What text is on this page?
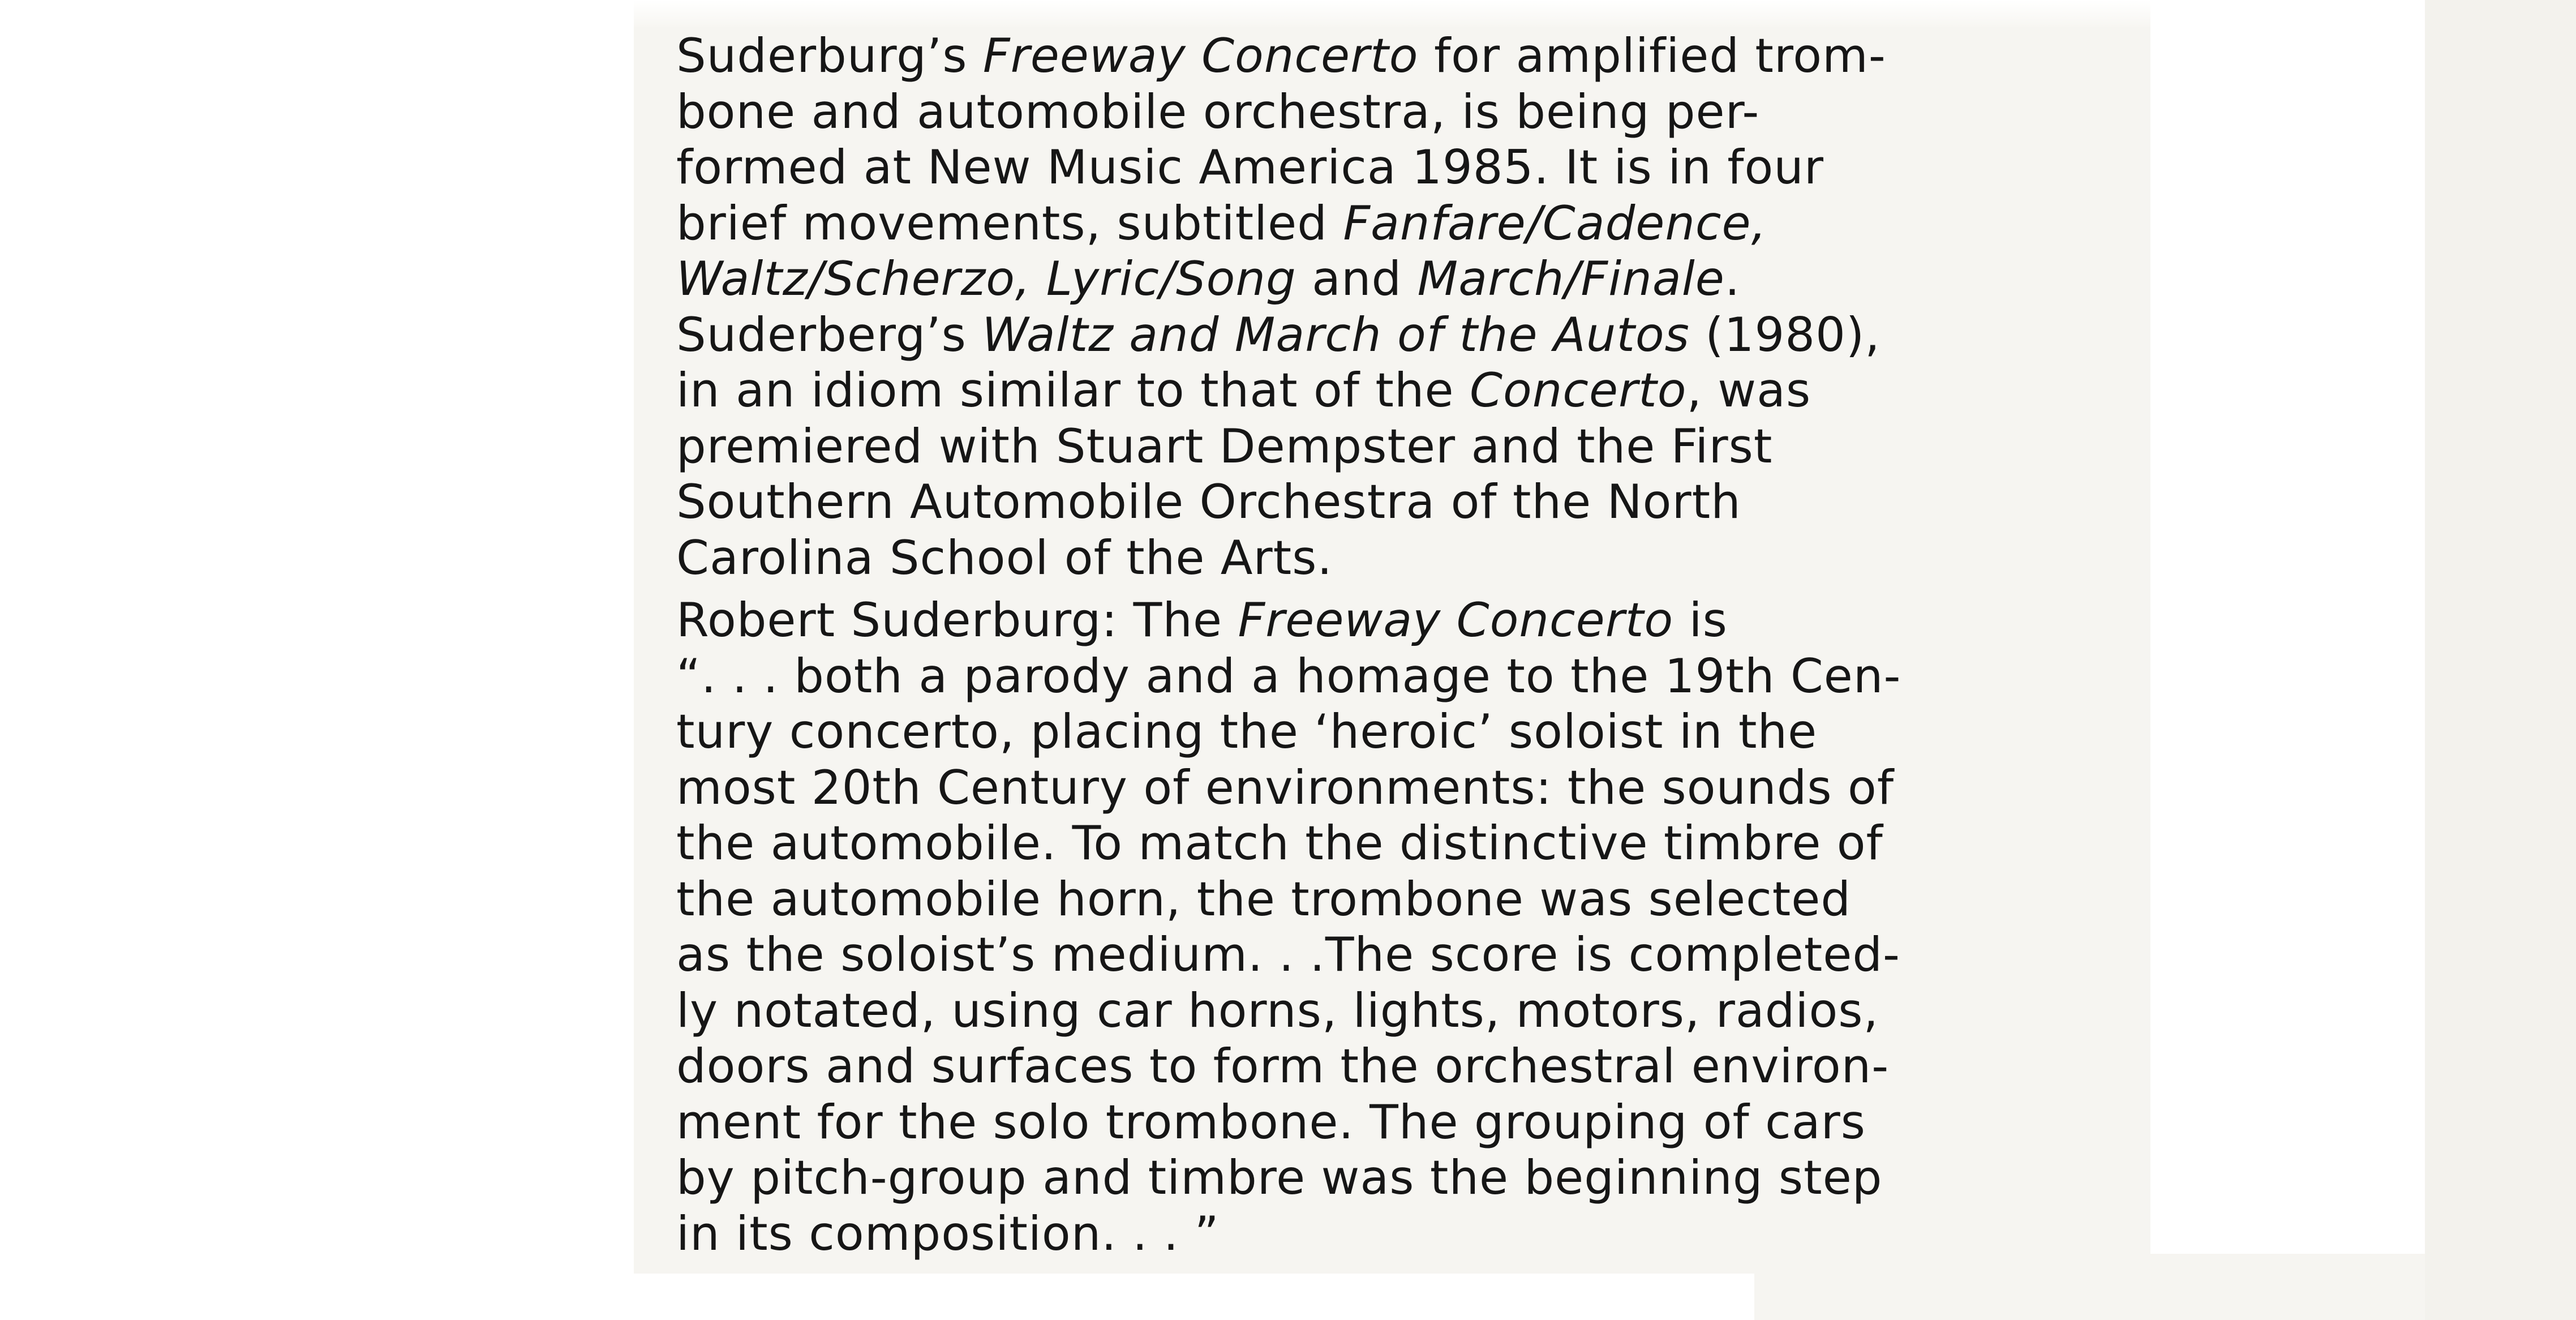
Suderburg’s Freeway Concerto for amplified trom-
bone and automobile orchestra, is being per-
formed at New Music America 1985. It is in four
brief movements, subtitled Fanfare/Cadence,
Waltz/Scherzo, Lyric/Song and March/Finale.
Suderberg’s Waltz and March of the Autos (1980),
in an idiom similar to that of the Concerto, was
premiered with Stuart Dempster and the First
Southern Automobile Orchestra of the North
Carolina School of the Arts.

Robert Suderburg: The Freeway Concerto is
“. . . both a parody and a homage to the 19th Cen-
tury concerto, placing the ‘heroic’ soloist in the
most 20th Century of environments: the sounds of
the automobile. To match the distinctive timbre of
the automobile horn, the trombone was selected
as the soloist’s medium. . .The score is completed-
ly notated, using car horns, lights, motors, radios,
doors and surfaces to form the orchestral environ-
ment for the solo trombone. The grouping of cars
by pitch-group and timbre was the beginning step
in its composition. . . ”
